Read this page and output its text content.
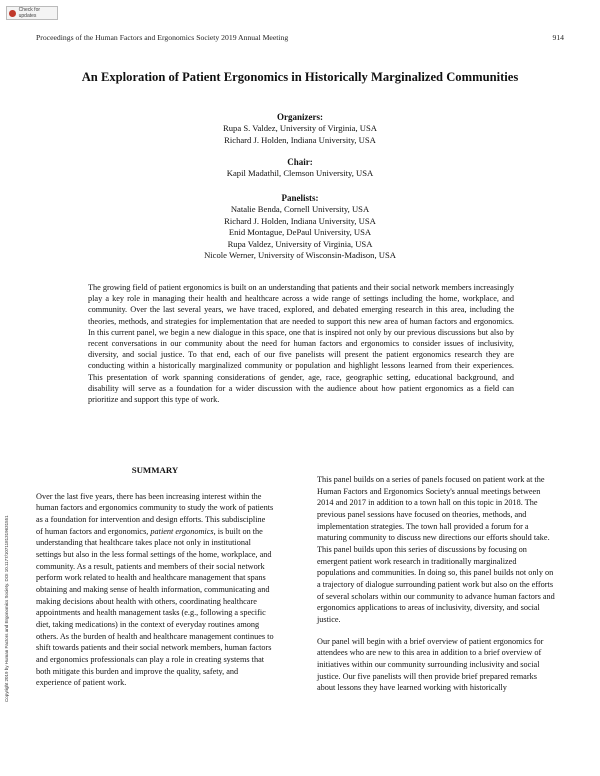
Check for updates
Proceedings of the Human Factors and Ergonomics Society 2019 Annual Meeting	914
An Exploration of Patient Ergonomics in Historically Marginalized Communities
Organizers:
Rupa S. Valdez, University of Virginia, USA
Richard J. Holden, Indiana University, USA
Chair:
Kapil Madathil, Clemson University, USA
Panelists:
Natalie Benda, Cornell University, USA
Richard J. Holden, Indiana University, USA
Enid Montague, DePaul University, USA
Rupa Valdez, University of Virginia, USA
Nicole Werner, University of Wisconsin-Madison, USA
The growing field of patient ergonomics is built on an understanding that patients and their social network members increasingly play a key role in managing their health and healthcare across a wide range of settings including the home, workplace, and community. Over the last several years, we have traced, explored, and debated emerging research in this area, including the theories, methods, and strategies for implementation that are needed to support this new area of human factors and ergonomics. In this current panel, we begin a new dialogue in this space, one that is inspired not only by our previous discussions but also by recent conversations in our community about the need for human factors and ergonomics to consider issues of inclusivity, diversity, and social justice. To that end, each of our five panelists will present the patient ergonomics research they are conducting within a historically marginalized community or population and highlight lessons learned from their experiences. This presentation of work spanning considerations of gender, age, race, geographic setting, educational background, and disability will serve as a foundation for a wider discussion with the audience about how patient ergonomics as a field can prioritize and support this type of work.
SUMMARY

Over the last five years, there has been increasing interest within the human factors and ergonomics community to study the work of patients as a foundation for intervention and design efforts. This subdiscipline of human factors and ergonomics, patient ergonomics, is built on the understanding that healthcare takes place not only in institutional settings but also in the less formal settings of the home, workplace, and community. As a result, patients and members of their social network perform work related to health and healthcare management that spans obtaining and making sense of health information, communicating and making decisions about health with others, coordinating healthcare appointments and health management tasks (e.g., following a specific diet, taking medications) in the context of everyday routines among others. As the burden of health and healthcare management continues to shift towards patients and their social network members, human factors and ergonomics professionals can play a role in creating systems that both mitigate this burden and improve the quality, safety, and experience of patient work.

This panel builds on a series of panels focused on patient work at the Human Factors and Ergonomics Society's annual meetings between 2014 and 2017 in addition to a town hall on this topic in 2018. The previous panel sessions have focused on theories, methods, and implementation strategies. The town hall provided a forum for a maturing community to discuss new directions our efforts should take. This panel builds upon this series of discussions by focusing on emergent patient work research in traditionally marginalized populations and communities. In doing so, this panel builds not only on a trajectory of dialogue surrounding patient work but also on the efforts of several scholars within our community to advance human factors and ergonomics applications to areas of inclusivity, diversity, and social justice.

Our panel will begin with a brief overview of patient ergonomics for attendees who are new to this area in addition to a brief overview of initiatives within our community surrounding inclusivity and social justice. Our five panelists will then provide brief prepared remarks about lessons they have learned working with historically

Copyright 2019 by Human Factors and Ergonomics Society. DOI 10.1177/1071181319631551
